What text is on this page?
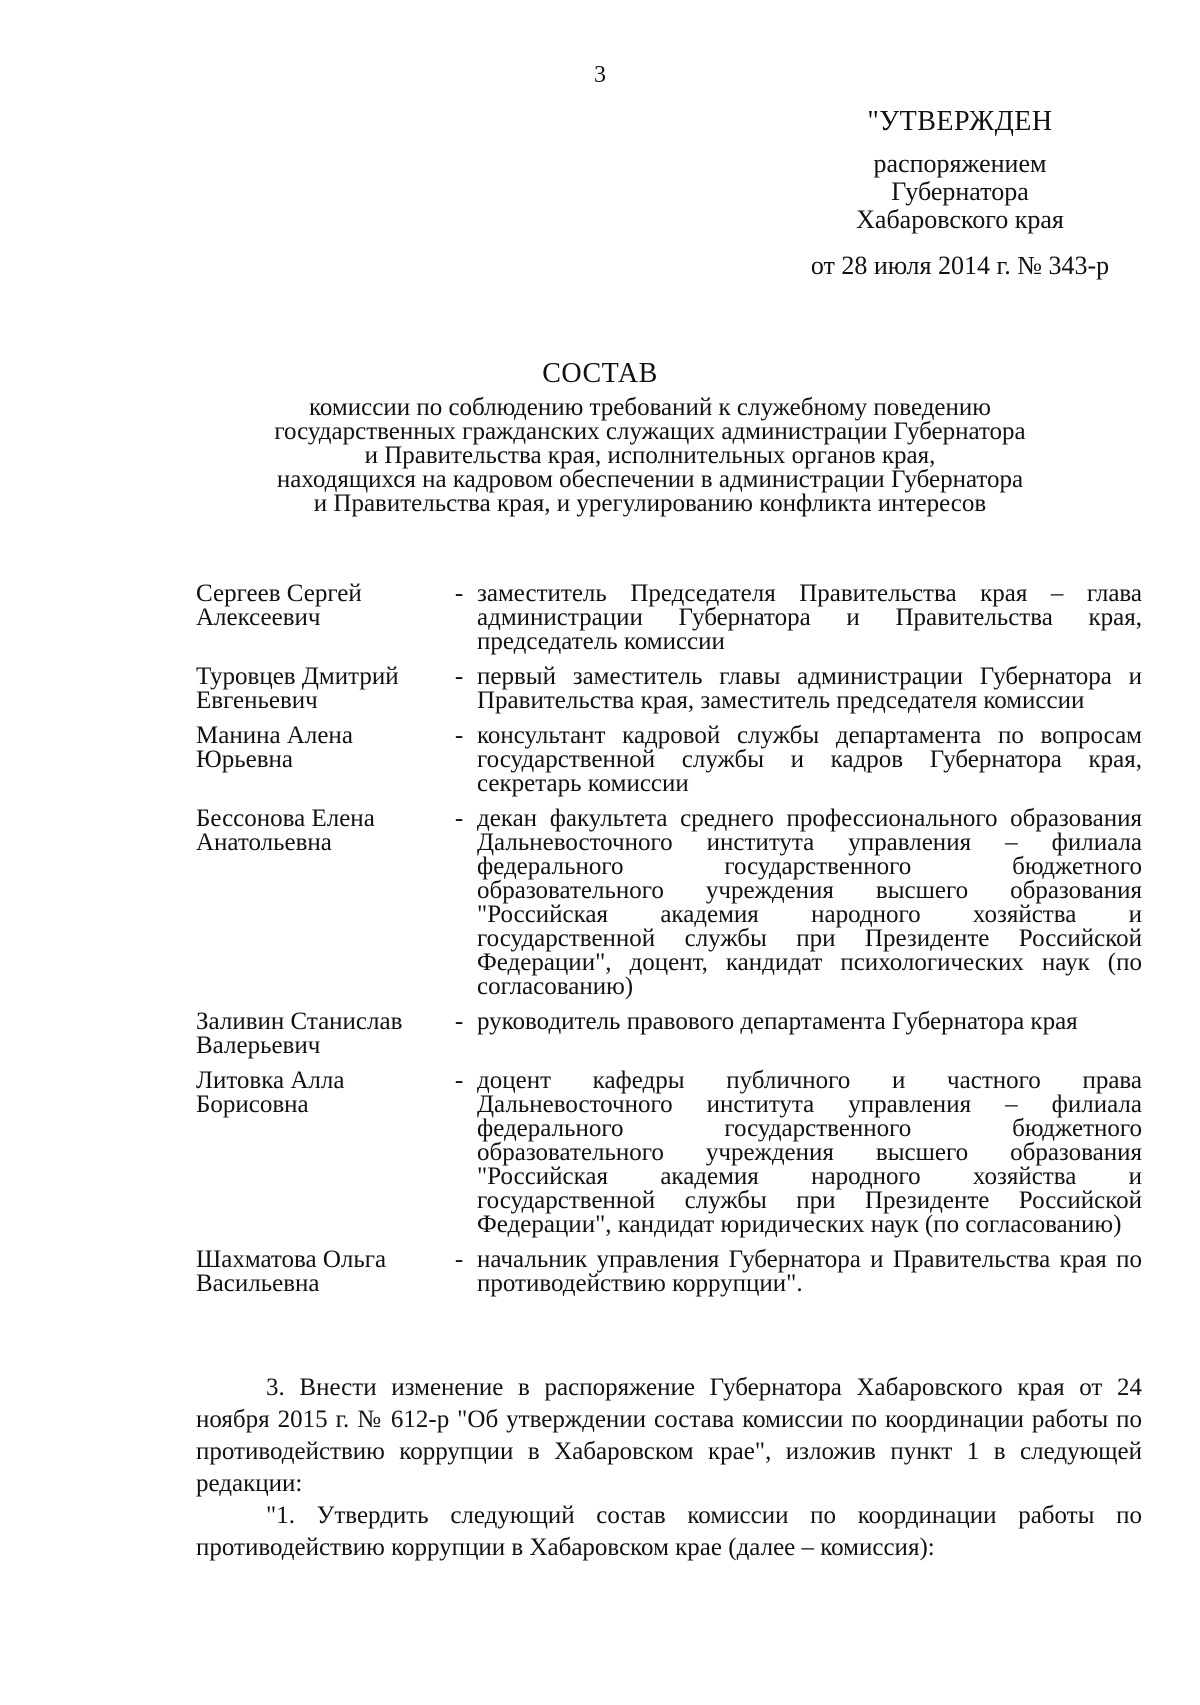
3
"УТВЕРЖДЕН
распоряжением
Губернатора
Хабаровского края
от 28 июля 2014 г. № 343-р
СОСТАВ
комиссии по соблюдению требований к служебному поведению
государственных гражданских служащих администрации Губернатора
и Правительства края, исполнительных органов края,
находящихся на кадровом обеспечении в администрации Губернатора
и Правительства края, и урегулированию конфликта интересов
Сергеев Сергей Алексеевич
- заместитель Председателя Правительства края – глава администрации Губернатора и Правительства края, председатель комиссии
Туровцев Дмитрий Евгеньевич
- первый заместитель главы администрации Губернатора и Правительства края, заместитель председателя комиссии
Манина Алена Юрьевна
- консультант кадровой службы департамента по вопросам государственной службы и кадров Губернатора края, секретарь комиссии
Бессонова Елена Анатольевна
- декан факультета среднего профессионального образования Дальневосточного института управления – филиала федерального государственного бюджетного образовательного учреждения высшего образования "Российская академия народного хозяйства и государственной службы при Президенте Российской Федерации", доцент, кандидат психологических наук (по согласованию)
Заливин Станислав Валерьевич
- руководитель правового департамента Губернатора края
Литовка Алла Борисовна
- доцент кафедры публичного и частного права Дальневосточного института управления – филиала федерального государственного бюджетного образовательного учреждения высшего образования "Российская академия народного хозяйства и государственной службы при Президенте Российской Федерации", кандидат юридических наук (по согласованию)
Шахматова Ольга Васильевна
- начальник управления Губернатора и Правительства края по противодействию коррупции".

3. Внести изменение в распоряжение Губернатора Хабаровского края от 24 ноября 2015 г. № 612-р "Об утверждении состава комиссии по координации работы по противодействию коррупции в Хабаровском крае", изложив пункт 1 в следующей редакции:

"1. Утвердить следующий состав комиссии по координации работы по противодействию коррупции в Хабаровском крае (далее – комиссия):
